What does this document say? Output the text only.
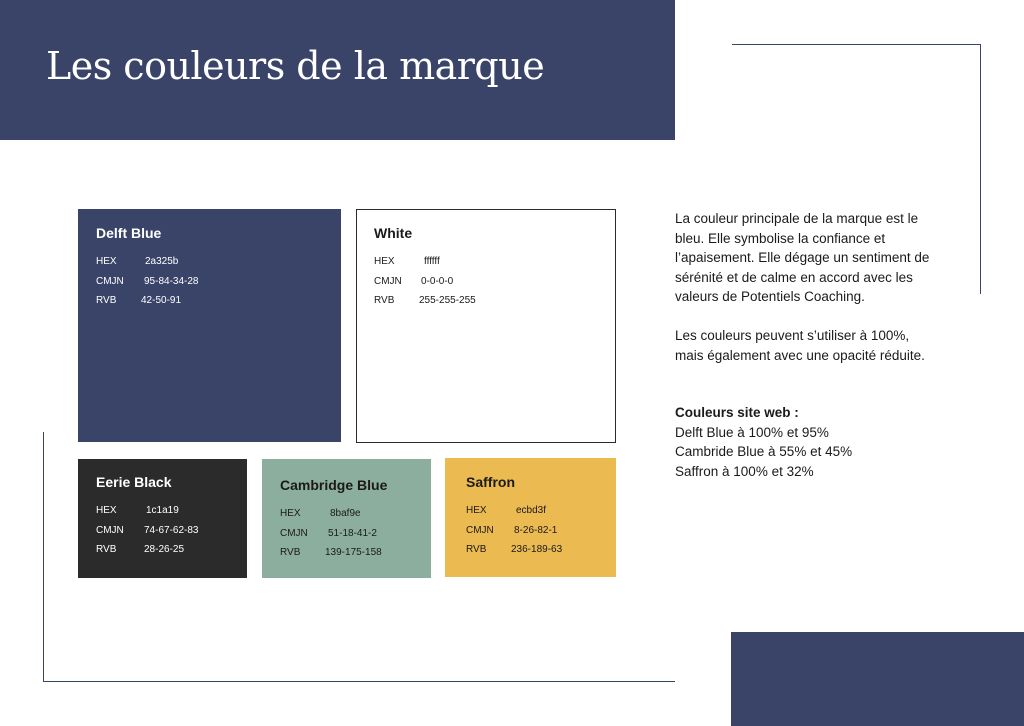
Les couleurs de la marque
Delft Blue
HEX	2a325b
CMJN 95-84-34-28
RVB 42-50-91
White
HEX	ffffff
CMJN 0-0-0-0
RVB 255-255-255
Eerie Black
HEX	1c1a19
CMJN 74-67-62-83
RVB	28-26-25
Cambridge Blue
HEX	8baf9e
CMJN 51-18-41-2
RVB 139-175-158
Saffron
HEX	ecbd3f
CMJN 8-26-82-1
RVB 236-189-63

La couleur principale de la marque est le bleu. Elle symbolise la confiance et l’apaisement. Elle dégage un sentiment de sérénité et de calme en accord avec les valeurs de Potentiels Coaching.

Les couleurs peuvent s’utiliser à 100%, mais également avec une opacité réduite.

Couleurs site web :

Delft Blue à 100% et 95%

Cambride Blue à 55% et 45%

Saffron à 100% et 32%
